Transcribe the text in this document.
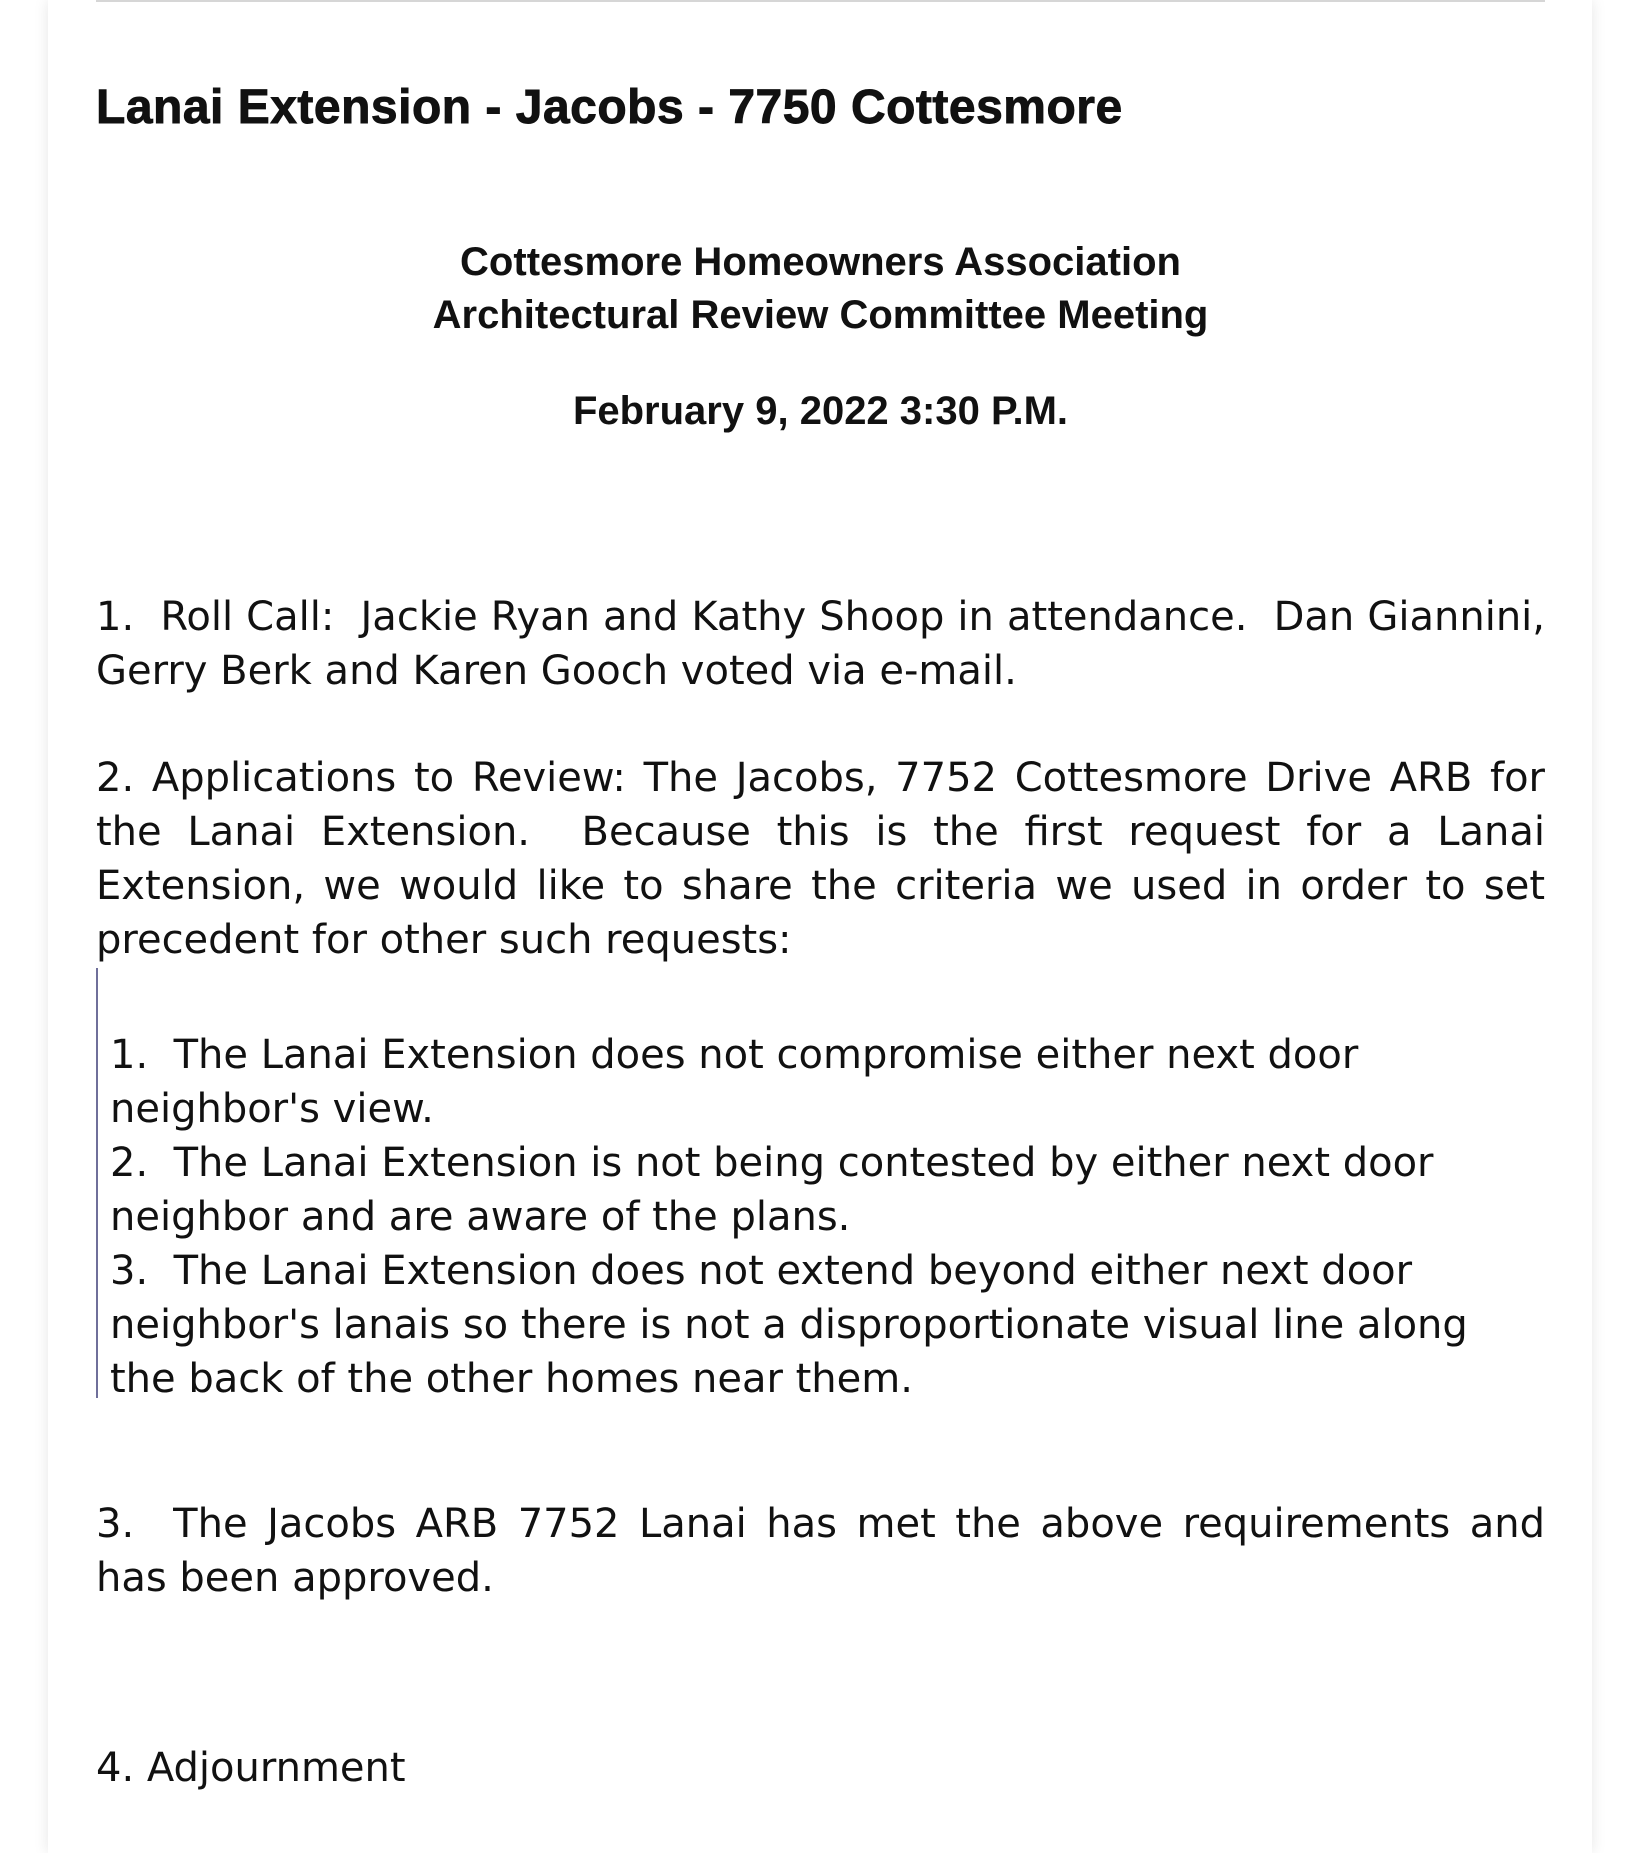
Lanai Extension - Jacobs - 7750 Cottesmore

Cottesmore Homeowners Association

Architectural Review Committee Meeting

February 9, 2022 3:30 P.M.

1.  Roll Call:  Jackie Ryan and Kathy Shoop in attendance.  Dan Giannini, Gerry Berk and Karen Gooch voted via e-mail.

2. Applications to Review: The Jacobs, 7752 Cottesmore Drive ARB for the Lanai Extension.  Because this is the first request for a Lanai Extension, we would like to share the criteria we used in order to set precedent for other such requests:

1.  The Lanai Extension does not compromise either next door neighbor's view.

2.  The Lanai Extension is not being contested by either next door neighbor and are aware of the plans.

3.  The Lanai Extension does not extend beyond either next door neighbor's lanais so there is not a disproportionate visual line along the back of the other homes near them.

3.  The Jacobs ARB 7752 Lanai has met the above requirements and has been approved.

4. Adjournment
